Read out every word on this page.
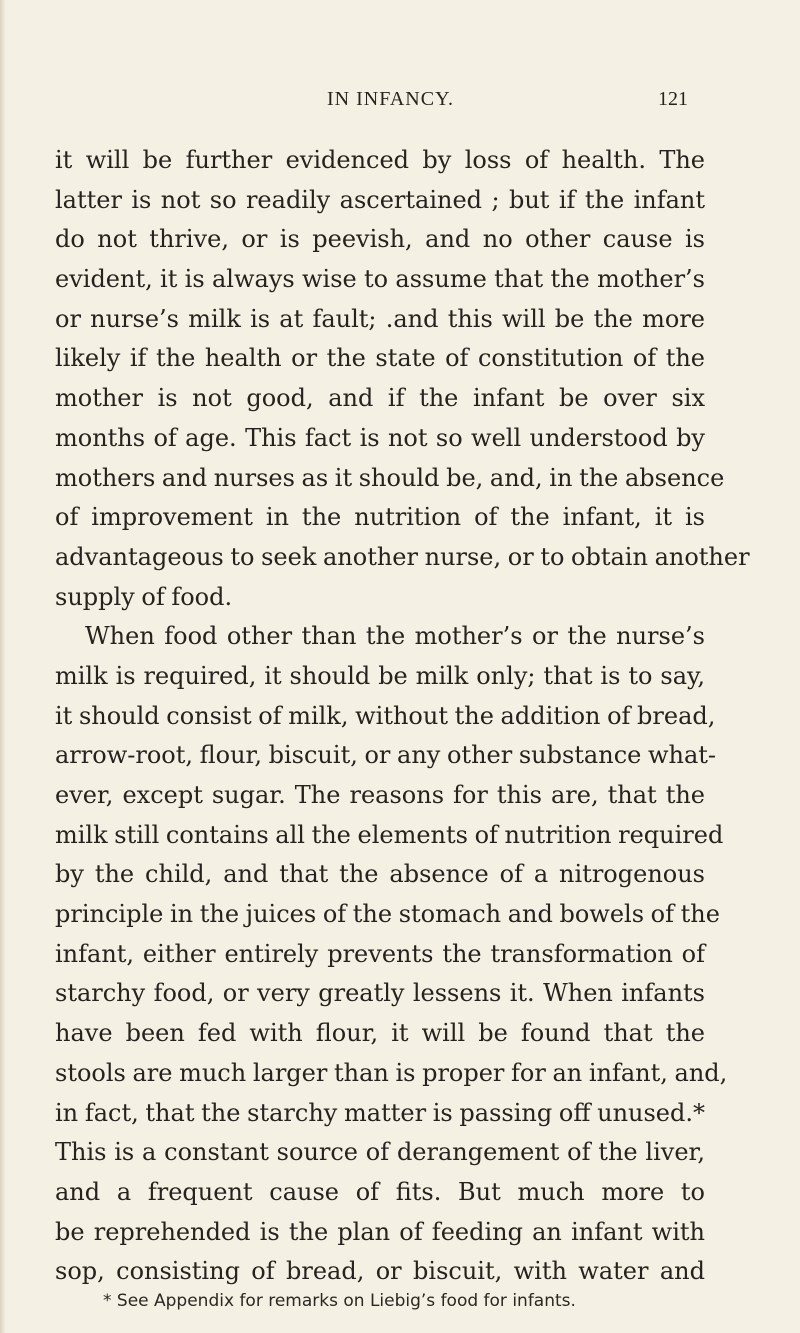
IN INFANCY.	121
it will be further evidenced by loss of health. The
latter is not so readily ascertained ; but if the infant
do not thrive, or is peevish, and no other cause is
evident, it is always wise to assume that the mother’s
or nurse’s milk is at fault; .and this will be the more
likely if the health or the state of constitution of the
mother is not good, and if the infant be over six
months of age. This fact is not so well understood by
mothers and nurses as it should be, and, in the absence
of improvement in the nutrition of the infant, it is
advantageous to seek another nurse, or to obtain another
supply of food.
When food other than the mother’s or the nurse’s
milk is required, it should be milk only; that is to say,
it should consist of milk, without the addition of bread,
arrow-root, flour, biscuit, or any other substance what-
ever, except sugar. The reasons for this are, that the
milk still contains all the elements of nutrition required
by the child, and that the absence of a nitrogenous
principle in the juices of the stomach and bowels of the
infant, either entirely prevents the transformation of
starchy food, or very greatly lessens it. When infants
have been fed with flour, it will be found that the
stools are much larger than is proper for an infant, and,
in fact, that the starchy matter is passing off unused.*
This is a constant source of derangement of the liver,
and a frequent cause of fits. But much more to
be reprehended is the plan of feeding an infant with
sop, consisting of bread, or biscuit, with water and
* See Appendix for remarks on Liebig’s food for infants.
